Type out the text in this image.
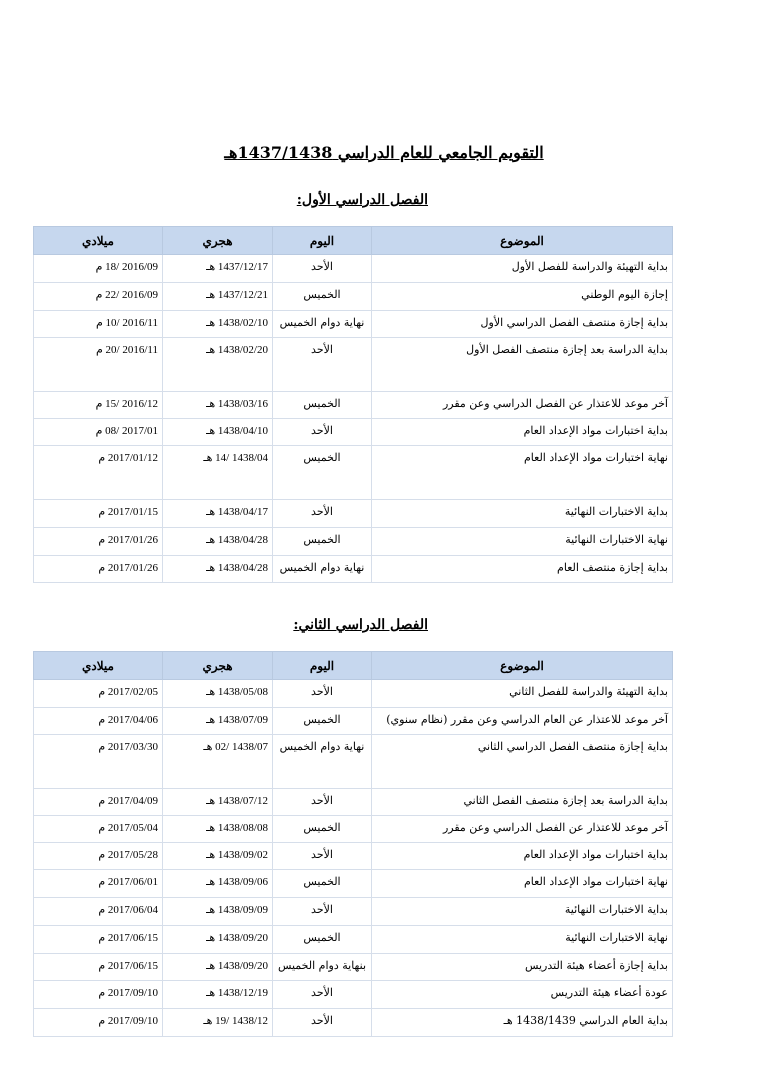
التقويم الجامعي للعام الدراسي 1437/1438هـ
الفصل الدراسي الأول:
الموضوع	اليوم	هجري	ميلادي
بداية التهيئة والدراسة للفصل الأول	الأحد	1437/12/17 هـ	2016/09 /18 م
إجازة اليوم الوطني	الخميس	1437/12/21 هـ	2016/09 /22 م
بداية إجازة منتصف الفصل الدراسي الأول	نهاية دوام الخميس	1438/02/10 هـ	2016/11 /10 م
بداية الدراسة بعد إجازة منتصف الفصل الأول	الأحد	1438/02/20 هـ	2016/11 /20 م
آخر موعد للاعتذار عن الفصل الدراسي وعن مقرر	الخميس	1438/03/16 هـ	2016/12 /15 م
بداية اختبارات مواد الإعداد العام	الأحد	1438/04/10 هـ	2017/01 /08 م
نهاية اختبارات مواد الإعداد العام	الخميس	1438/04 /14 هـ	2017/01/12 م
بداية الاختبارات النهائية	الأحد	1438/04/17 هـ	2017/01/15 م
نهاية الاختبارات النهائية	الخميس	1438/04/28 هـ	2017/01/26 م
بداية إجازة منتصف العام	نهاية دوام الخميس	1438/04/28 هـ	2017/01/26 م
الفصل الدراسي الثاني:
الموضوع	اليوم	هجري	ميلادي
بداية التهيئة والدراسة للفصل الثاني	الأحد	1438/05/08 هـ	2017/02/05 م
آخر موعد للاعتذار عن العام الدراسي وعن مقرر (نظام سنوي)	الخميس	1438/07/09 هـ	2017/04/06 م
بداية إجازة منتصف الفصل الدراسي الثاني	نهاية دوام الخميس	1438/07 /02 هـ	2017/03/30 م
بداية الدراسة بعد إجازة منتصف الفصل الثاني	الأحد	1438/07/12 هـ	2017/04/09 م
آخر موعد للاعتذار عن الفصل الدراسي وعن مقرر	الخميس	1438/08/08 هـ	2017/05/04 م
بداية اختبارات مواد الإعداد العام	الأحد	1438/09/02 هـ	2017/05/28 م
نهاية اختبارات مواد الإعداد العام	الخميس	1438/09/06 هـ	2017/06/01 م
بداية الاختبارات النهائية	الأحد	1438/09/09 هـ	2017/06/04 م
نهاية الاختبارات النهائية	الخميس	1438/09/20 هـ	2017/06/15 م
بداية إجازة أعضاء هيئة التدريس	بنهاية دوام الخميس	1438/09/20 هـ	2017/06/15 م
عودة أعضاء هيئة التدريس	الأحد	1438/12/19 هـ	2017/09/10 م
بداية العام الدراسي 1438/1439 هـ	الأحد	1438/12 /19 هـ	2017/09/10 م
